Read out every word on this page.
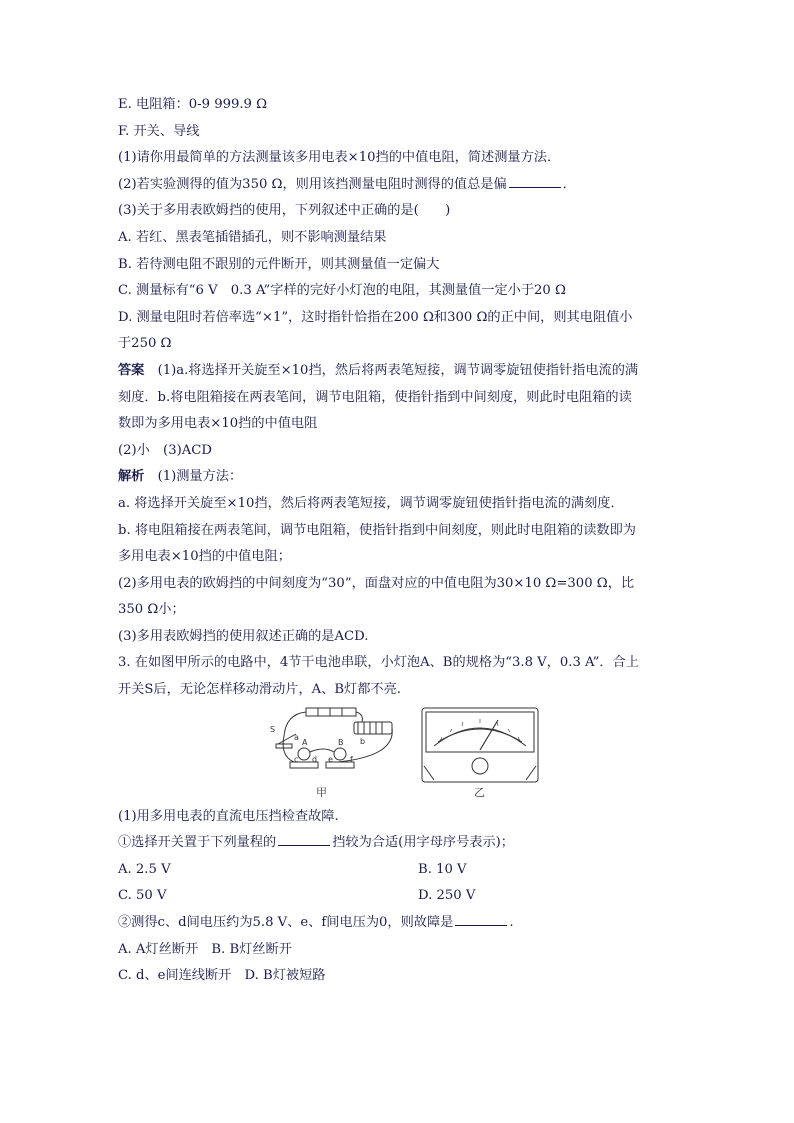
E. 电阻箱：0-9 999.9 Ω
F. 开关、导线
(1)请你用最简单的方法测量该多用电表×10挡的中值电阻，简述测量方法．
(2)若实验测得的值为350 Ω，则用该挡测量电阻时测得的值总是偏	．
(3)关于多用表欧姆挡的使用，下列叙述中正确的是(　　)
A. 若红、黑表笔插错插孔，则不影响测量结果
B. 若待测电阻不跟别的元件断开，则其测量值一定偏大
C. 测量标有“6 V　0.3 A”字样的完好小灯泡的电阻，其测量值一定小于20 Ω
D. 测量电阻时若倍率选“×1”，这时指针恰指在200 Ω和300 Ω的正中间，则其电阻值小
于250 Ω
答案　 (1)a.将选择开关旋至×10挡，然后将两表笔短接，调节调零旋钮使指针指电流的满
刻度．b.将电阻箱接在两表笔间，调节电阻箱，使指针指到中间刻度，则此时电阻箱的读
数即为多用电表×10挡的中值电阻
(2)小　(3)ACD
解析　 (1)测量方法：
a. 将选择开关旋至×10挡，然后将两表笔短接，调节调零旋钮使指针指电流的满刻度．
b. 将电阻箱接在两表笔间，调节电阻箱，使指针指到中间刻度，则此时电阻箱的读数即为
多用电表×10挡的中值电阻；
(2)多用电表的欧姆挡的中间刻度为“30”，面盘对应的中值电阻为30×10 Ω=300 Ω，比
350 Ω小；
(3)多用表欧姆挡的使用叙述正确的是ACD.
3. 在如图甲所示的电路中，4节干电池串联，小灯泡A、B的规格为“3.8 V，0.3 A”．合上
开关S后，无论怎样移动滑动片，A、B灯都不亮.
S
A	B
a	b
c d e f
甲	乙
(1)用多用电表的直流电压挡检查故障.
①选择开关置于下列量程的	挡较为合适(用字母序号表示)；
A. 2.5 V	B. 10 V
C. 50 V	D. 250 V
②测得c、d间电压约为5.8 V、e、f间电压为0，则故障是	.
A. A灯丝断开　B. B灯丝断开
C. d、e间连线断开　D. B灯被短路
